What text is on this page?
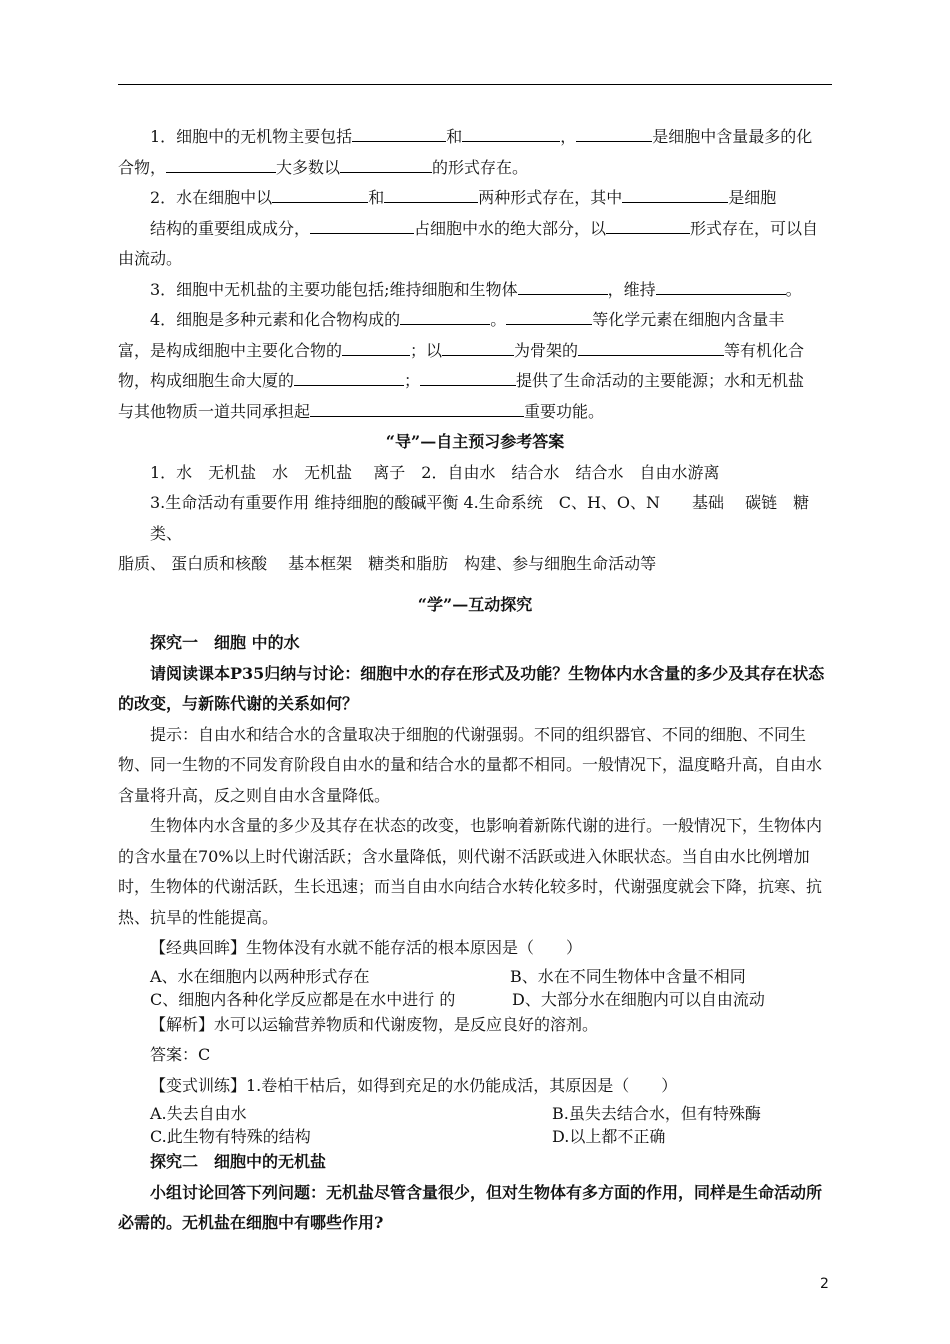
1．细胞中的无机物主要包括	和	，	是细胞中含量最多的化
合物，	大多数以	的形式存在。

2．水在细胞中以	和	两种形式存在，其中	是细胞

结构的重要组成成分，	占细胞中水的绝大部分，以	形式存在，可以自

由流动。

3．细胞中无机盐的主要功能包括;维持细胞和生物体	，维持	。

4．细胞是多种元素和化合物构成的	。	等化学元素在细胞内含量丰
富，是构成细胞中主要化合物的	；以	为骨架的	等有机化合
物，构成细胞生命大厦的	；	提供了生命活动的主要能源；水和无机盐
与其他物质一道共同承担起	重要功能。

“导”—自主预习参考答案

1．水　无机盐　水　无机盐　 离子　2．自由水　结合水　结合水　自由水游离

3.生命活动有重要作用 维持细胞的酸碱平衡 4.生命系统　C、H、O、N　　基础　 碳链　糖类、

脂质、 蛋白质和核酸　 基本框架　糖类和脂肪　构建、参与细胞生命活动等

“学”—互动探究

探究一　细胞 中的水

请阅读课本P35归纳与讨论：细胞中水的存在形式及功能？生物体内水含量的多少及其存在状态的改变，与新陈代谢的关系如何？

提示：自由水和结合水的含量取决于细胞的代谢强弱。不同的组织器官、不同的细胞、不同生物、同一生物的不同发育阶段自由水的量和结合水的量都不相同。一般情况下，温度略升高，自由水含量将升高，反之则自由水含量降低。

生物体内水含量的多少及其存在状态的改变，也影响着新陈代谢的进行。一般情况下，生物体内的含水量在70%以上时代谢活跃；含水量降低，则代谢不活跃或进入休眠状态。当自由水比例增加时，生物体的代谢活跃，生长迅速；而当自由水向结合水转化较多时，代谢强度就会下降，抗寒、抗热、抗旱的性能提高。

【经典回眸】生物体没有水就不能存活的根本原因是（　　）

A、水在细胞内以两种形式存在	B、水在不同生物体中含量不相同
C、细胞内各种化学反应都是在水中进行 的	D、大部分水在细胞内可以自由流动

【解析】水可以运输营养物质和代谢废物，是反应良好的溶剂。

答案：C

【变式训练】1.卷柏干枯后，如得到充足的水仍能成活，其原因是（　　）

A.失去自由水	B.虽失去结合水，但有特殊酶
C.此生物有特殊的结构	D.以上都不正确

探究二　细胞中的无机盐

小组讨论回答下列问题：无机盐尽管含量很少，但对生物体有多方面的作用，同样是生命活动所必需的。无机盐在细胞中有哪些作用?

2
